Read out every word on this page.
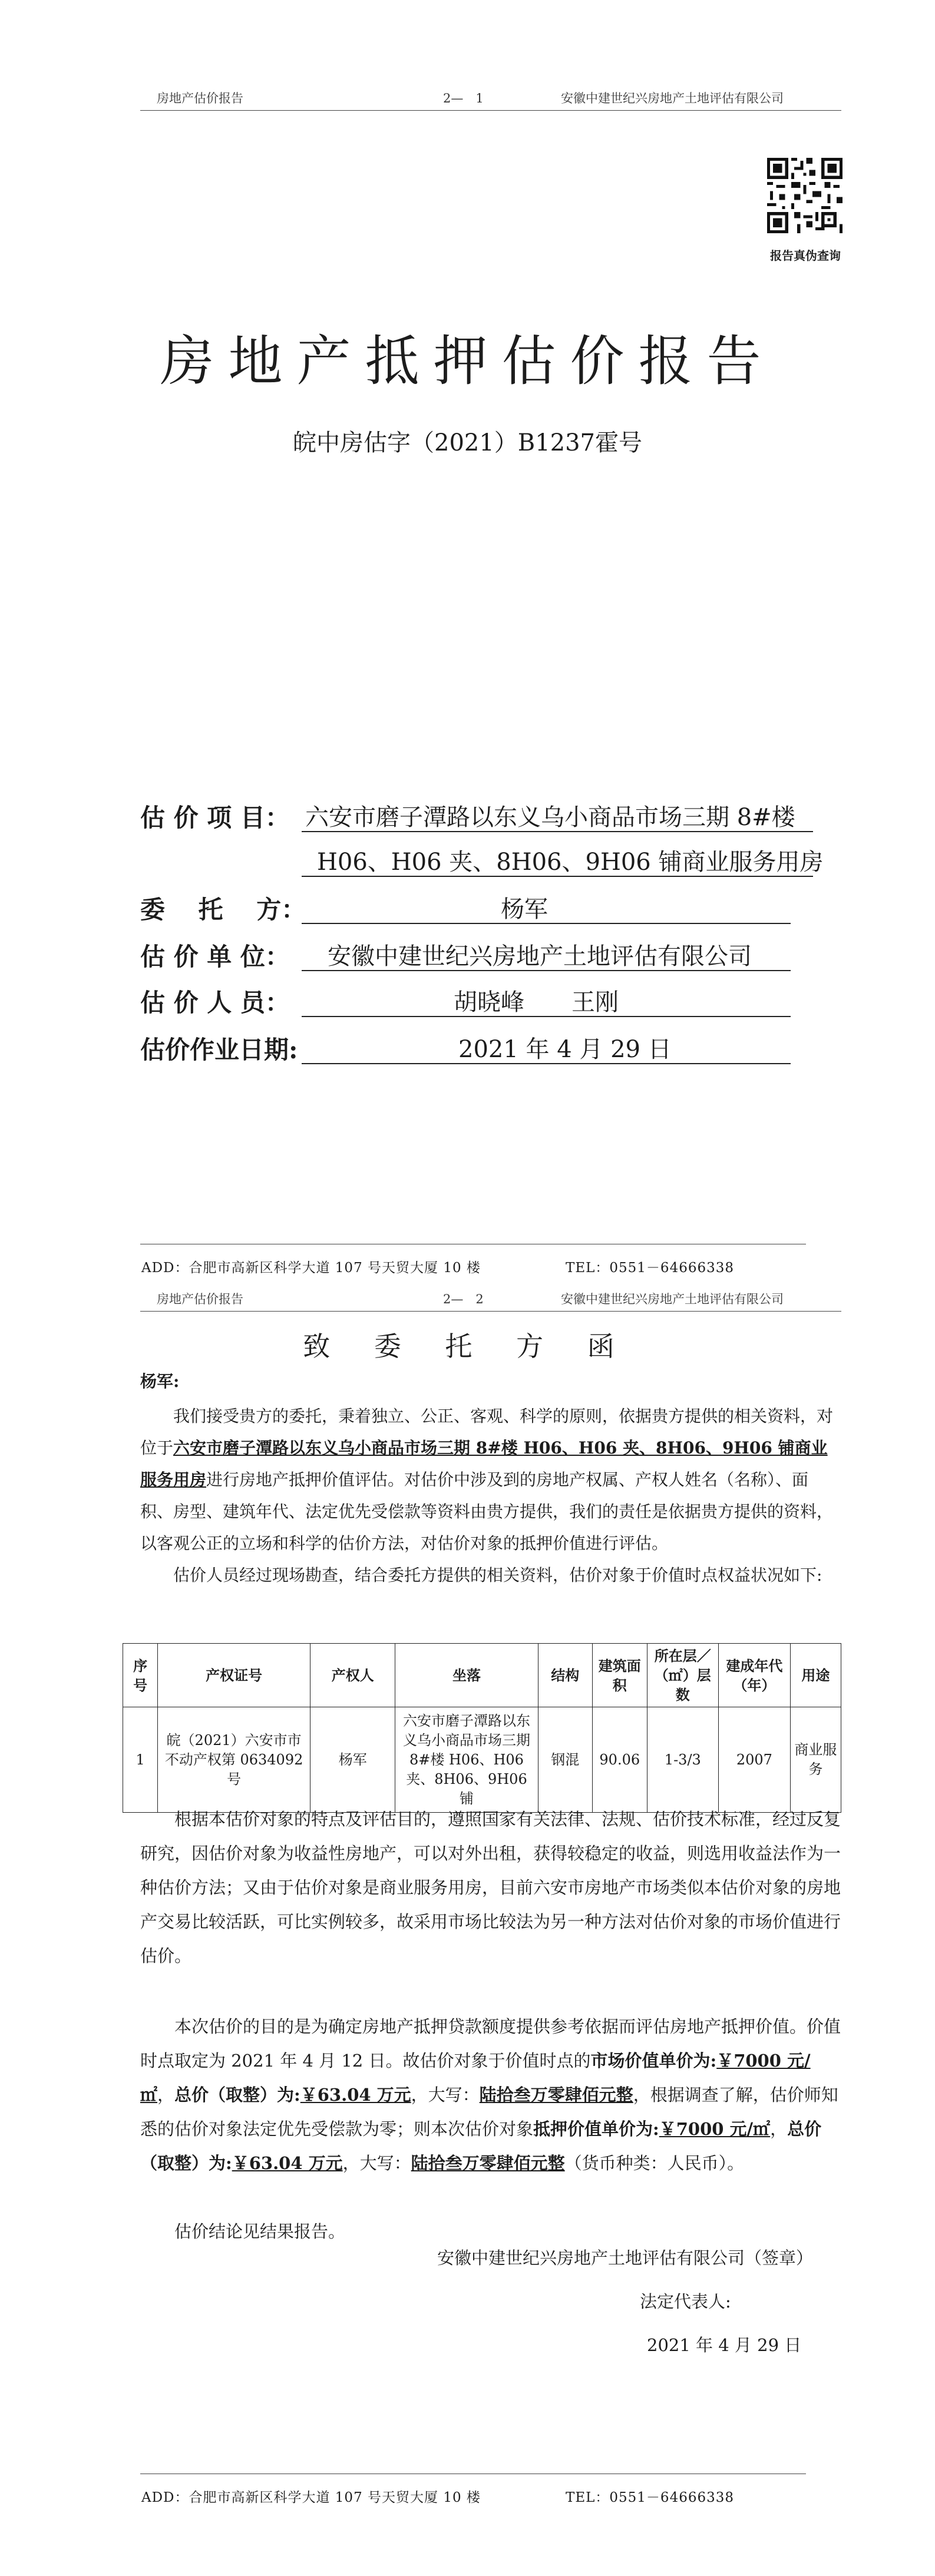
房地产估价报告	2—　1	安徽中建世纪兴房地产土地评估有限公司
报告真伪查询
房地产抵押估价报告
皖中房估字（2021）B1237霍号
估 价 项 目： 六安市磨子潭路以东义乌小商品市场三期 8#楼
H06、H06 夹、8H06、9H06 铺商业服务用房
委　 托　 方：	杨军
估 价 单 位： 安徽中建世纪兴房地产土地评估有限公司
估 价 人 员：	胡晓峰　　王刚
估价作业日期:	2021 年 4 月 29 日
ADD：合肥市高新区科学大道 107 号天贸大厦 10 楼	TEL：0551－64666338
房地产估价报告	2—　2	安徽中建世纪兴房地产土地评估有限公司
致 委 托 方 函
杨军:
我们接受贵方的委托，秉着独立、公正、客观、科学的原则，依据贵方提供的相关资料，对位于六安市磨子潭路以东义乌小商品市场三期 8#楼 H06、H06 夹、8H06、9H06 铺商业服务用房进行房地产抵押价值评估。对估价中涉及到的房地产权属、产权人姓名（名称）、面积、房型、建筑年代、法定优先受偿款等资料由贵方提供，我们的责任是依据贵方提供的资料，以客观公正的立场和科学的估价方法，对估价对象的抵押价值进行评估。
估价人员经过现场勘查，结合委托方提供的相关资料，估价对象于价值时点权益状况如下:
序号	产权证号	产权人	坐落	结构	建筑面积	所在层／（㎡）层数	建成年代（年）	用途
1	皖（2021）六安市市不动产权第 0634092 号	杨军	六安市磨子潭路以东义乌小商品市场三期 8#楼 H06、H06 夹、8H06、9H06 铺	钢混	90.06	1-3/3	2007	商业服务
根据本估价对象的特点及评估目的，遵照国家有关法律、法规、估价技术标准，经过反复研究，因估价对象为收益性房地产，可以对外出租，获得较稳定的收益，则选用收益法作为一种估价方法；又由于估价对象是商业服务用房，目前六安市房地产市场类似本估价对象的房地产交易比较活跃，可比实例较多，故采用市场比较法为另一种方法对估价对象的市场价值进行估价。
本次估价的目的是为确定房地产抵押贷款额度提供参考依据而评估房地产抵押价值。价值时点取定为 2021 年 4 月 12 日。故估价对象于价值时点的市场价值单价为:￥7000 元/㎡，总价（取整）为:￥63.04 万元，大写：陆拾叁万零肆佰元整，根据调查了解，估价师知悉的估价对象法定优先受偿款为零；则本次估价对象抵押价值单价为:￥7000 元/㎡，总价（取整）为:￥63.04 万元，大写：陆拾叁万零肆佰元整（货币种类：人民币）。
估价结论见结果报告。
安徽中建世纪兴房地产土地评估有限公司（签章）
法定代表人:
2021 年 4 月 29 日
ADD：合肥市高新区科学大道 107 号天贸大厦 10 楼	TEL：0551－64666338
